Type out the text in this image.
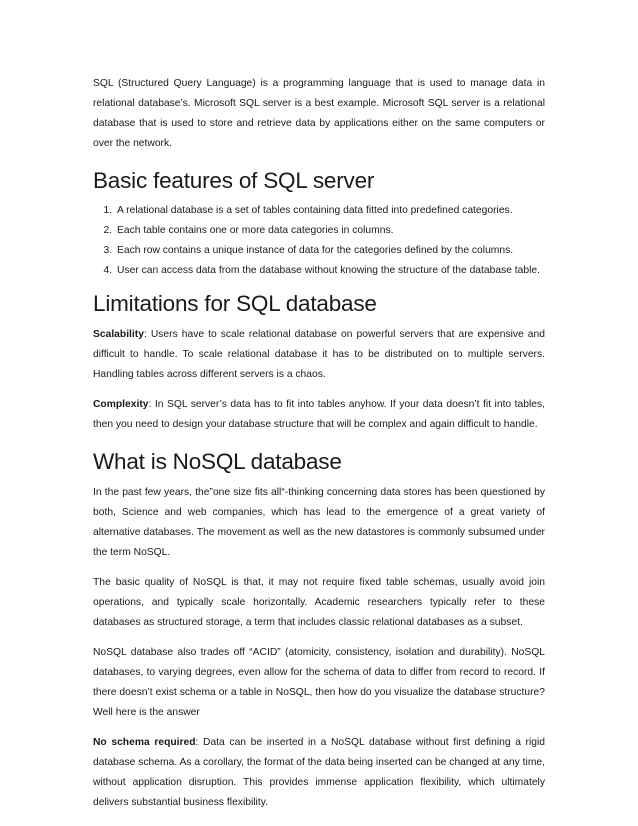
SQL (Structured Query Language) is a programming language that is used to manage data in relational database’s. Microsoft SQL server is a best example. Microsoft SQL server is a relational database that is used to store and retrieve data by applications either on the same computers or over the network.

Basic features of SQL server
1. A relational database is a set of tables containing data fitted into predefined categories.
2. Each table contains one or more data categories in columns.
3. Each row contains a unique instance of data for the categories defined by the columns.
4. User can access data from the database without knowing the structure of the database table.
Limitations for SQL database

Scalability: Users have to scale relational database on powerful servers that are expensive and difficult to handle. To scale relational database it has to be distributed on to multiple servers. Handling tables across different servers is a chaos.

Complexity: In SQL server’s data has to fit into tables anyhow. If your data doesn’t fit into tables, then you need to design your database structure that will be complex and again difficult to handle.

What is NoSQL database

In the past few years, the”one size fits all“-thinking concerning data stores has been questioned by both, Science and web companies, which has lead to the emergence of a great variety of alternative databases. The movement as well as the new datastores is commonly subsumed under the term NoSQL.

The basic quality of NoSQL is that, it may not require fixed table schemas, usually avoid join operations, and typically scale horizontally. Academic researchers typically refer to these databases as structured storage, a term that includes classic relational databases as a subset.

NoSQL database also trades off “ACID” (atomicity, consistency, isolation and durability). NoSQL databases, to varying degrees, even allow for the schema of data to differ from record to record. If there doesn’t exist schema or a table in NoSQL, then how do you visualize the database structure? Well here is the answer

No schema required: Data can be inserted in a NoSQL database without first defining a rigid database schema. As a corollary, the format of the data being inserted can be changed at any time, without application disruption. This provides immense application flexibility, which ultimately delivers substantial business flexibility.
